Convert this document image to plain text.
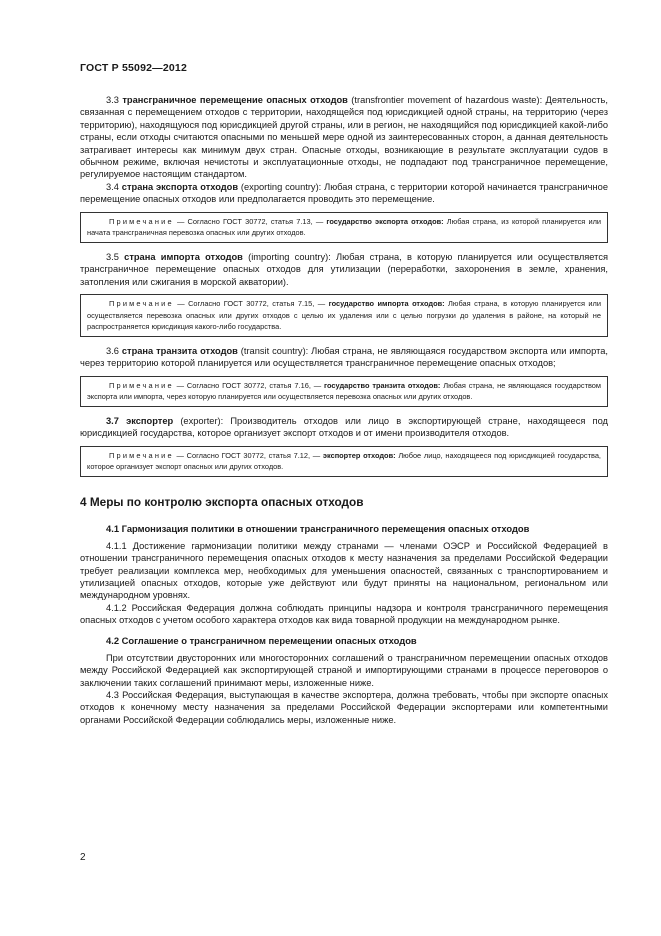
ГОСТ Р 55092—2012

3.3 трансграничное перемещение опасных отходов (transfrontier movement of hazardous waste): Деятельность, связанная с перемещением отходов с территории, находящейся под юрисдикцией одной страны, на территорию (через территорию), находящуюся под юрисдикцией другой страны, или в регион, не находящийся под юрисдикцией какой-либо страны, если отходы считаются опасными по меньшей мере одной из заинтересованных сторон, а данная деятельность затрагивает интересы как минимум двух стран. Опасные отходы, возникающие в результате эксплуатации судов в обычном режиме, включая нечистоты и эксплуатационные отходы, не подпадают под трансграничное перемещение, регулируемое настоящим стандартом.

3.4 страна экспорта отходов (exporting country): Любая страна, с территории которой начинается трансграничное перемещение опасных отходов или предполагается проводить это перемещение.

Примечание — Согласно ГОСТ 30772, статья 7.13, — государство экспорта отходов: Любая страна, из которой планируется или начата трансграничная перевозка опасных или других отходов.

3.5 страна импорта отходов (importing country): Любая страна, в которую планируется или осуществляется трансграничное перемещение опасных отходов для утилизации (переработки, захоронения в земле, хранения, затопления или сжигания в морской акватории).

Примечание — Согласно ГОСТ 30772, статья 7.15, — государство импорта отходов: Любая страна, в которую планируется или осуществляется перевозка опасных или других отходов с целью их удаления или с целью погрузки до удаления в районе, на который не распространяется юрисдикция какого-либо государства.

3.6 страна транзита отходов (transit country): Любая страна, не являющаяся государством экспорта или импорта, через территорию которой планируется или осуществляется трансграничное перемещение опасных отходов;

Примечание — Согласно ГОСТ 30772, статья 7.16, — государство транзита отходов: Любая страна, не являющаяся государством экспорта или импорта, через которую планируется или осуществляется перевозка опасных или других отходов.

3.7 экспортер (exporter): Производитель отходов или лицо в экспортирующей стране, находящееся под юрисдикцией государства, которое организует экспорт отходов и от имени производителя отходов.

Примечание — Согласно ГОСТ 30772, статья 7.12, — экспортер отходов: Любое лицо, находящееся под юрисдикцией государства, которое организует экспорт опасных или других отходов.
4 Меры по контролю экспорта опасных отходов
4.1 Гармонизация политики в отношении трансграничного перемещения опасных отходов

4.1.1 Достижение гармонизации политики между странами — членами ОЭСР и Российской Федерацией в отношении трансграничного перемещения опасных отходов к месту назначения за пределами Российской Федерации требует реализации комплекса мер, необходимых для уменьшения опасностей, связанных с транспортированием и утилизацией опасных отходов, которые уже действуют или будут приняты на национальном, региональном или международном уровнях.

4.1.2 Российская Федерация должна соблюдать принципы надзора и контроля трансграничного перемещения опасных отходов с учетом особого характера отходов как вида товарной продукции на международном рынке.

4.2 Соглашение о трансграничном перемещении опасных отходов

При отсутствии двусторонних или многосторонних соглашений о трансграничном перемещении опасных отходов между Российской Федерацией как экспортирующей страной и импортирующими странами в процессе переговоров о заключении таких соглашений принимают меры, изложенные ниже.

4.3 Российская Федерация, выступающая в качестве экспортера, должна требовать, чтобы при экспорте опасных отходов к конечному месту назначения за пределами Российской Федерации экспортерами или компетентными органами Российской Федерации соблюдались меры, изложенные ниже.

2
